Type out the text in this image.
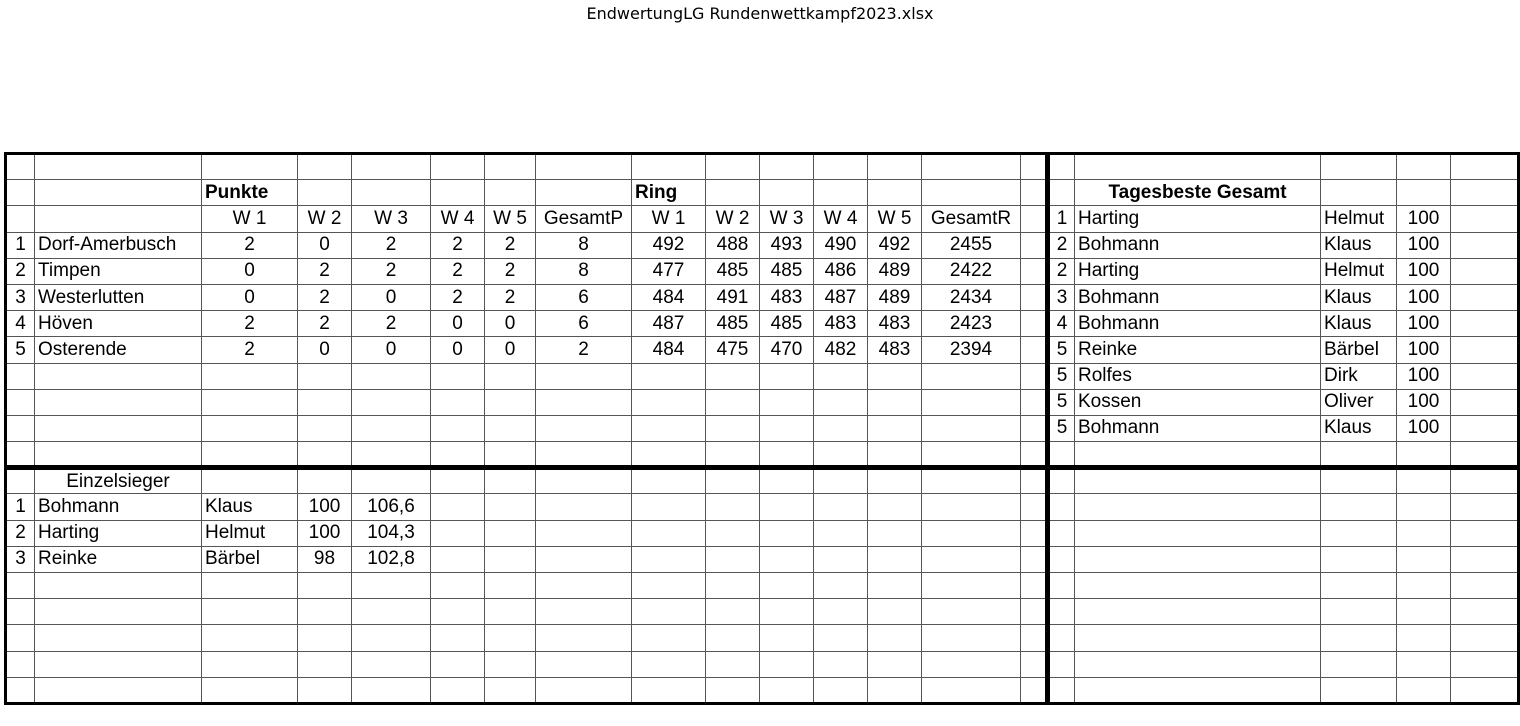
EndwertungLG Rundenwettkampf2023.xlsx

		Punkte						Ring								Tagesbeste Gesamt			
		W 1	W 2	W 3	W 4	W 5	GesamtP	W 1	W 2	W 3	W 4	W 5	GesamtR		1	Harting	Helmut	100	
1	Dorf-Amerbusch	2	0	2	2	2	8	492	488	493	490	492	2455		2	Bohmann	Klaus	100	
2	Timpen	0	2	2	2	2	8	477	485	485	486	489	2422		2	Harting	Helmut	100	
3	Westerlutten	0	2	0	2	2	6	484	491	483	487	489	2434		3	Bohmann	Klaus	100	
4	Höven	2	2	2	0	0	6	487	485	485	483	483	2423		4	Bohmann	Klaus	100	
5	Osterende	2	0	0	0	0	2	484	475	470	482	483	2394		5	Reinke	Bärbel	100	
															5	Rolfes	Dirk	100	
															5	Kossen	Oliver	100	
															5	Bohmann	Klaus	100	

	Einzelsieger																		
1	Bohmann	Klaus	100	106,6															
2	Harting	Helmut	100	104,3															
3	Reinke	Bärbel	98	102,8															
